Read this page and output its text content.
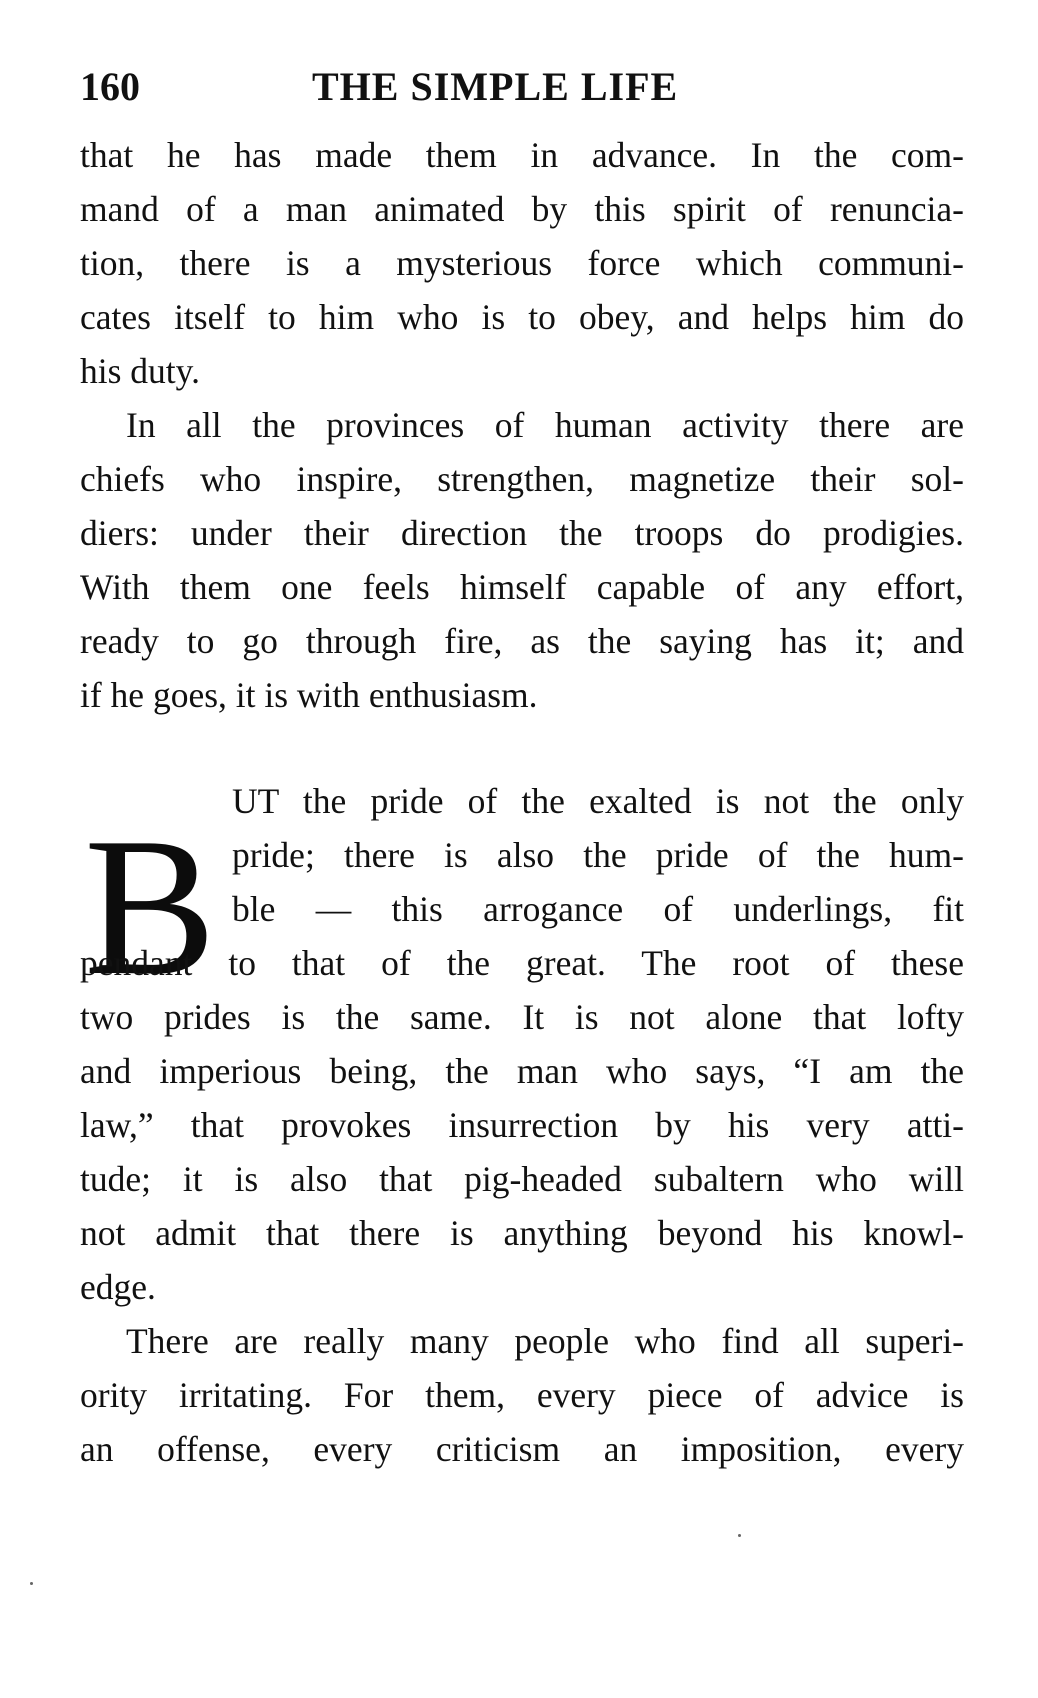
160	THE SIMPLE LIFE
that he has made them in advance. In the com-
mand of a man animated by this spirit of renuncia-
tion, there is a mysterious force which communi-
cates itself to him who is to obey, and helps him do
his duty.
In all the provinces of human activity there are
chiefs who inspire, strengthen, magnetize their sol-
diers: under their direction the troops do prodigies.
With them one feels himself capable of any effort,
ready to go through fire, as the saying has it; and
if he goes, it is with enthusiasm.
B UT the pride of the exalted is not the only
pride; there is also the pride of the hum-
ble — this arrogance of underlings, fit
pendant to that of the great. The root of these
two prides is the same. It is not alone that lofty
and imperious being, the man who says, “I am the
law,” that provokes insurrection by his very atti-
tude; it is also that pig-headed subaltern who will
not admit that there is anything beyond his knowl-
edge.
There are really many people who find all superi-
ority irritating. For them, every piece of advice is
an offense, every criticism an imposition, every
